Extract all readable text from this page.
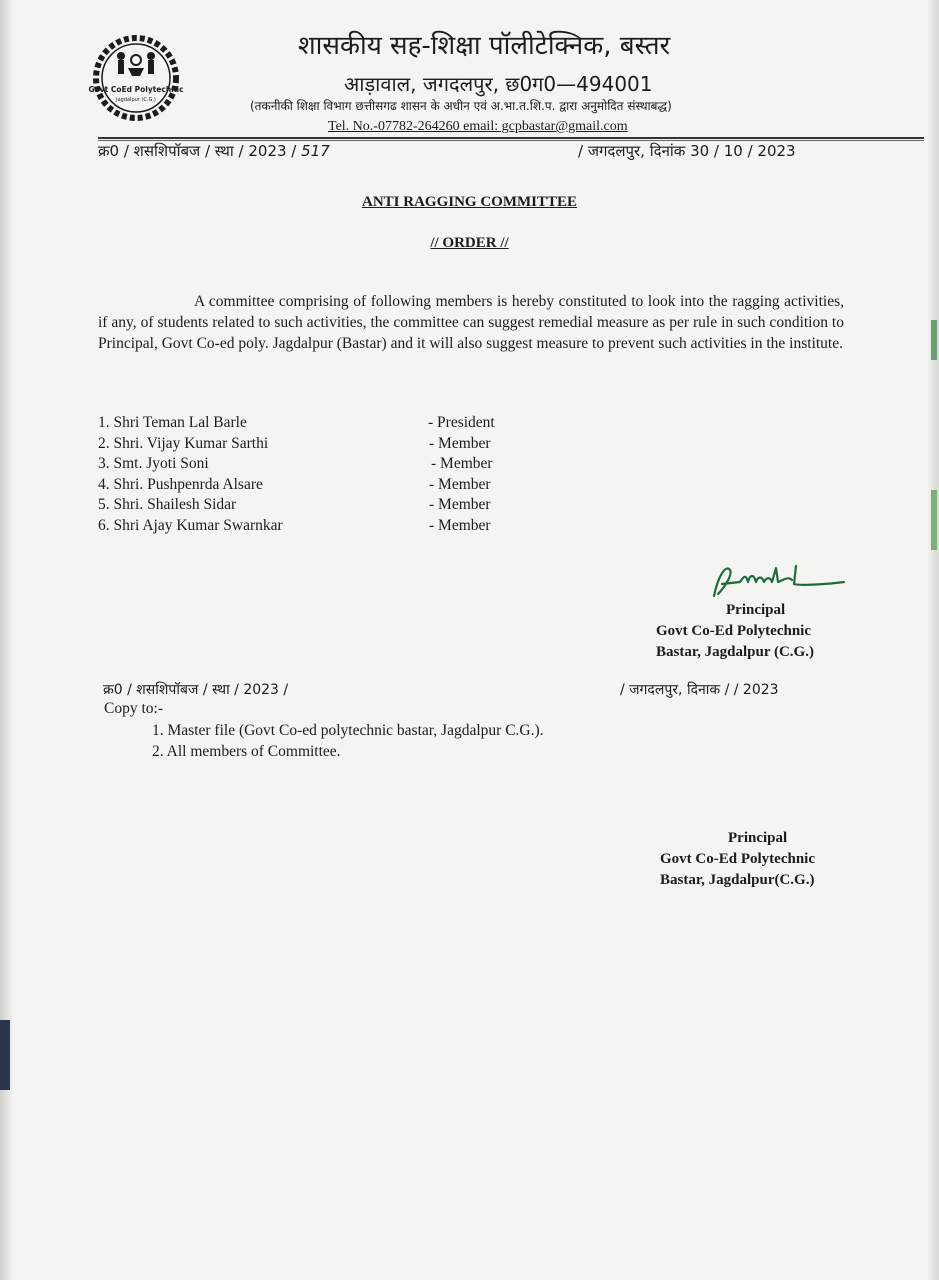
Govt CoEd Polytechnic
Jagdalpur (C.G.)
शासकीय सह-शिक्षा पॉलीटेक्निक, बस्तर
आड़ावाल, जगदलपुर, छ0ग0—494001
(तकनीकी शिक्षा विभाग छत्तीसगढ शासन के अधीन एवं अ.भा.त.शि.प. द्वारा अनुमोदित संस्थाबद्ध)
Tel. No.-07782-264260 email: gcpbastar@gmail.com
क्र0 / शसशिपॉबज / स्था / 2023 / 517	/ जगदलपुर, दिनांक 30 / 10 / 2023
ANTI RAGGING COMMITTEE
// ORDER //
A committee comprising of following members is hereby constituted to look into the ragging activities, if any, of students related to such activities, the committee can suggest remedial measure as per rule in such condition to Principal, Govt Co-ed poly. Jagdalpur (Bastar) and it will also suggest measure to prevent such activities in the institute.
1. Shri Teman Lal Barle	- President
2. Shri. Vijay Kumar Sarthi	- Member
3. Smt. Jyoti Soni	- Member
4. Shri. Pushpenrda Alsare	- Member
5. Shri. Shailesh Sidar	- Member
6. Shri Ajay Kumar Swarnkar	- Member
Principal
Govt Co-Ed Polytechnic
Bastar, Jagdalpur (C.G.)
क्र0 / शसशिपॉबज / स्था / 2023 /	/ जगदलपुर, दिनाक / / 2023
Copy to:-
1. Master file (Govt Co-ed polytechnic bastar, Jagdalpur C.G.).
2. All members of Committee.
Principal
Govt Co-Ed Polytechnic
Bastar, Jagdalpur(C.G.)
